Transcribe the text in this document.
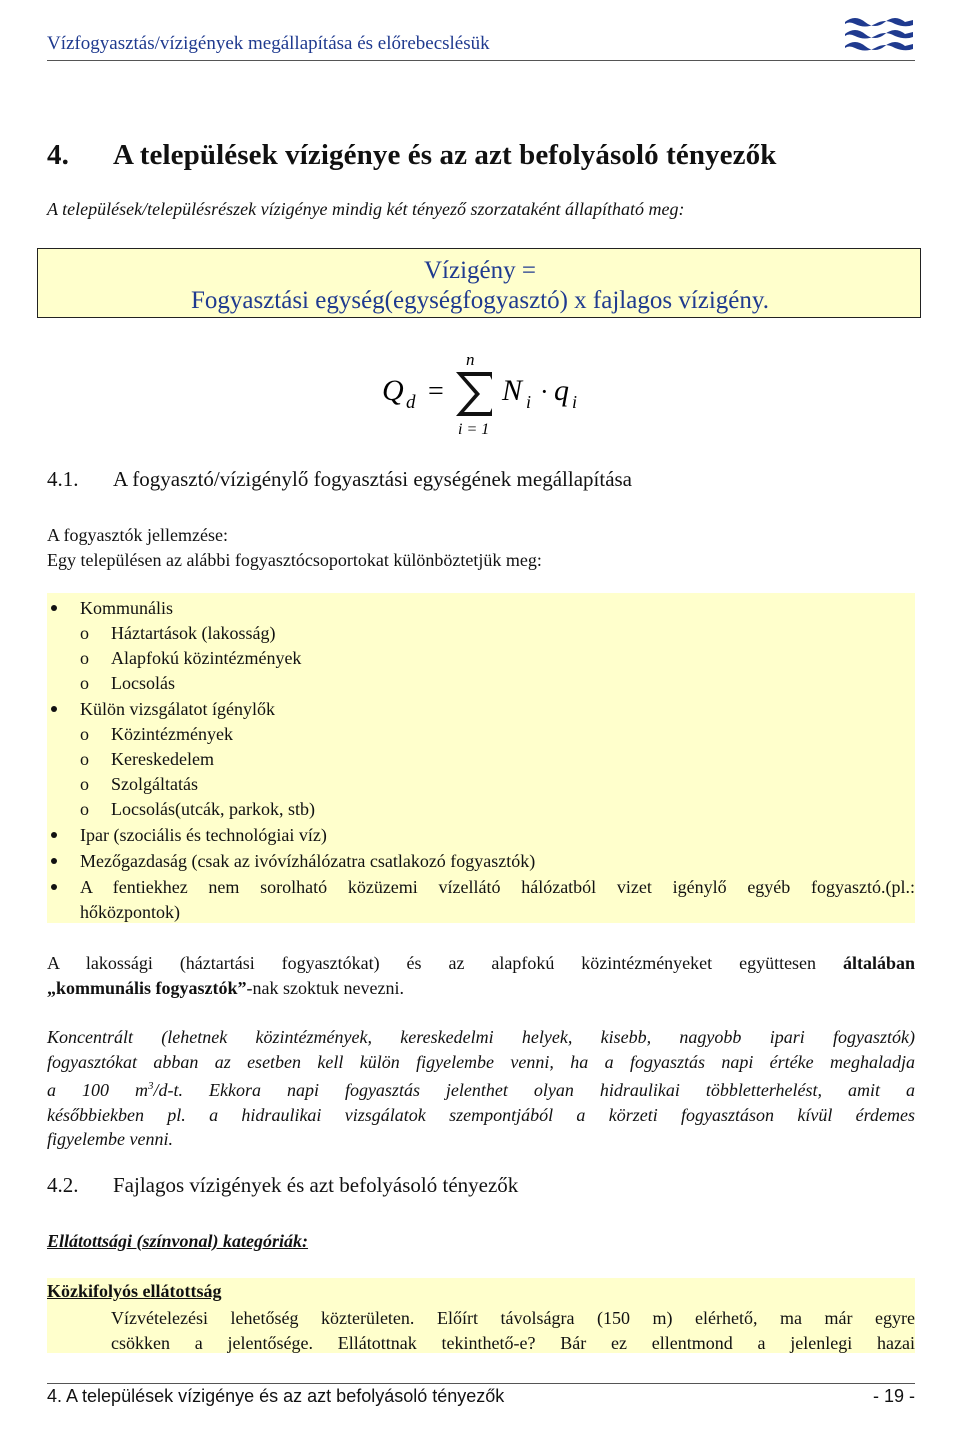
Vízfogyasztás/vízigények megállapítása és előrebecslésük
4. A települések vízigénye és az azt befolyásoló tényezők
A települések/településrészek vízigénye mindig két tényező szorzataként állapítható meg:
Vízigény =
Fogyasztási egység(egységfogyasztó) x fajlagos vízigény.
Q d =
n
i = 1
N i · q i
4.1. A fogyasztó/vízigénylő fogyasztási egységének megállapítása
A fogyasztók jellemzése:
Egy településen az alábbi fogyasztócsoportokat különböztetjük meg:
Kommunális
o Háztartások (lakosság)
o Alapfokú közintézmények
o Locsolás
Külön vizsgálatot ígénylők
o Közintézmények
o Kereskedelem
o Szolgáltatás
o Locsolás(utcák, parkok, stb)
Ipar (szociális és technológiai víz)
Mezőgazdaság (csak az ivóvízhálózatra csatlakozó fogyasztók)
A fentiekhez nem sorolható közüzemi vízellátó hálózatból vizet igénylő egyéb fogyasztó.(pl.:
hőközpontok)
A lakossági (háztartási fogyasztókat) és az alapfokú közintézményeket együttesen általában
„kommunális fogyasztók”-nak szoktuk nevezni.
Koncentrált (lehetnek közintézmények, kereskedelmi helyek, kisebb, nagyobb ipari fogyasztók)
fogyasztókat abban az esetben kell külön figyelembe venni, ha a fogyasztás napi értéke meghaladja
a 100 $m^3/d-t$. Ekkora napi fogyasztás jelenthet olyan hidraulikai többletterhelést, amit a
későbbiekben pl. a hidraulikai vizsgálatok szempontjából a körzeti fogyasztáson kívül érdemes
figyelembe venni.
4.2. Fajlagos vízigények és azt befolyásoló tényezők
Ellátottsági (színvonal) kategóriák:
Közkifolyós ellátottság
Vízvételezési lehetőség közterületen. Előírt távolságra (150 m) elérhető, ma már egyre
csökken a jelentősége. Ellátottnak tekinthető-e? Bár ez ellentmond a jelenlegi hazai
4. A települések vízigénye és az azt befolyásoló tényezők	- 19 -
